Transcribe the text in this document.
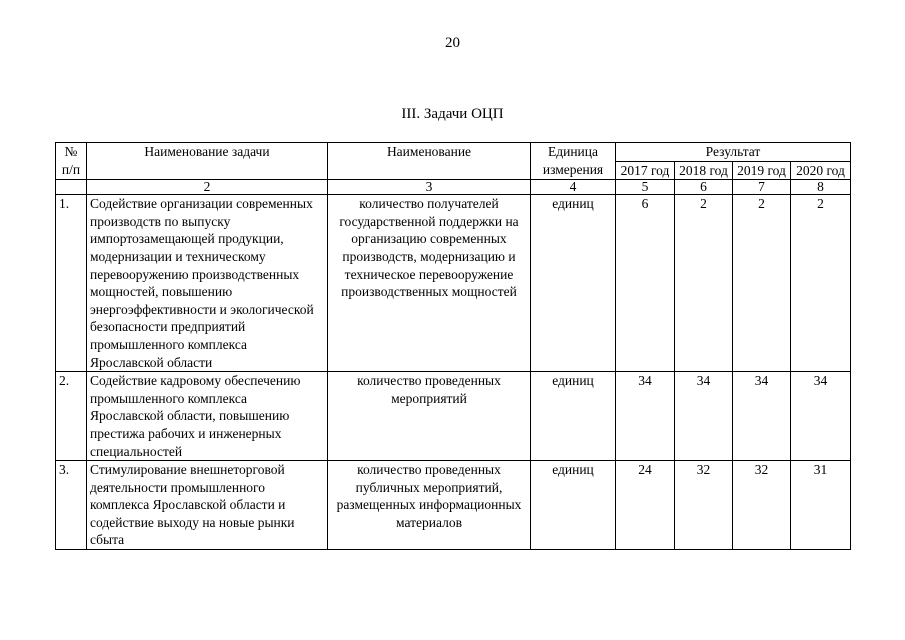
20
III. Задачи ОЦП
№ п/п	Наименование задачи	Наименование	Единица измерения	Результат			
				2017 год	2018 год	2019 год	2020 год
	2	3	4	5	6	7	8
1.	Содействие организации современных производств по выпуску импортозамещающей продукции, модернизации и техническому перевооружению производственных мощностей, повышению энергоэффективности и экологической безопасности предприятий промышленного комплекса Ярославской области	количество получателей государственной поддержки на организацию современных производств, модернизацию и техническое перевооружение производственных мощностей	единиц	6	2	2	2
2.	Содействие кадровому обеспечению промышленного комплекса Ярославской области, повышению престижа рабочих и инженерных специальностей	количество проведенных мероприятий	единиц	34	34	34	34
3.	Стимулирование внешнеторговой деятельности промышленного комплекса Ярославской области и содействие выходу на новые рынки сбыта	количество проведенных публичных мероприятий, размещенных информационных материалов	единиц	24	32	32	31
